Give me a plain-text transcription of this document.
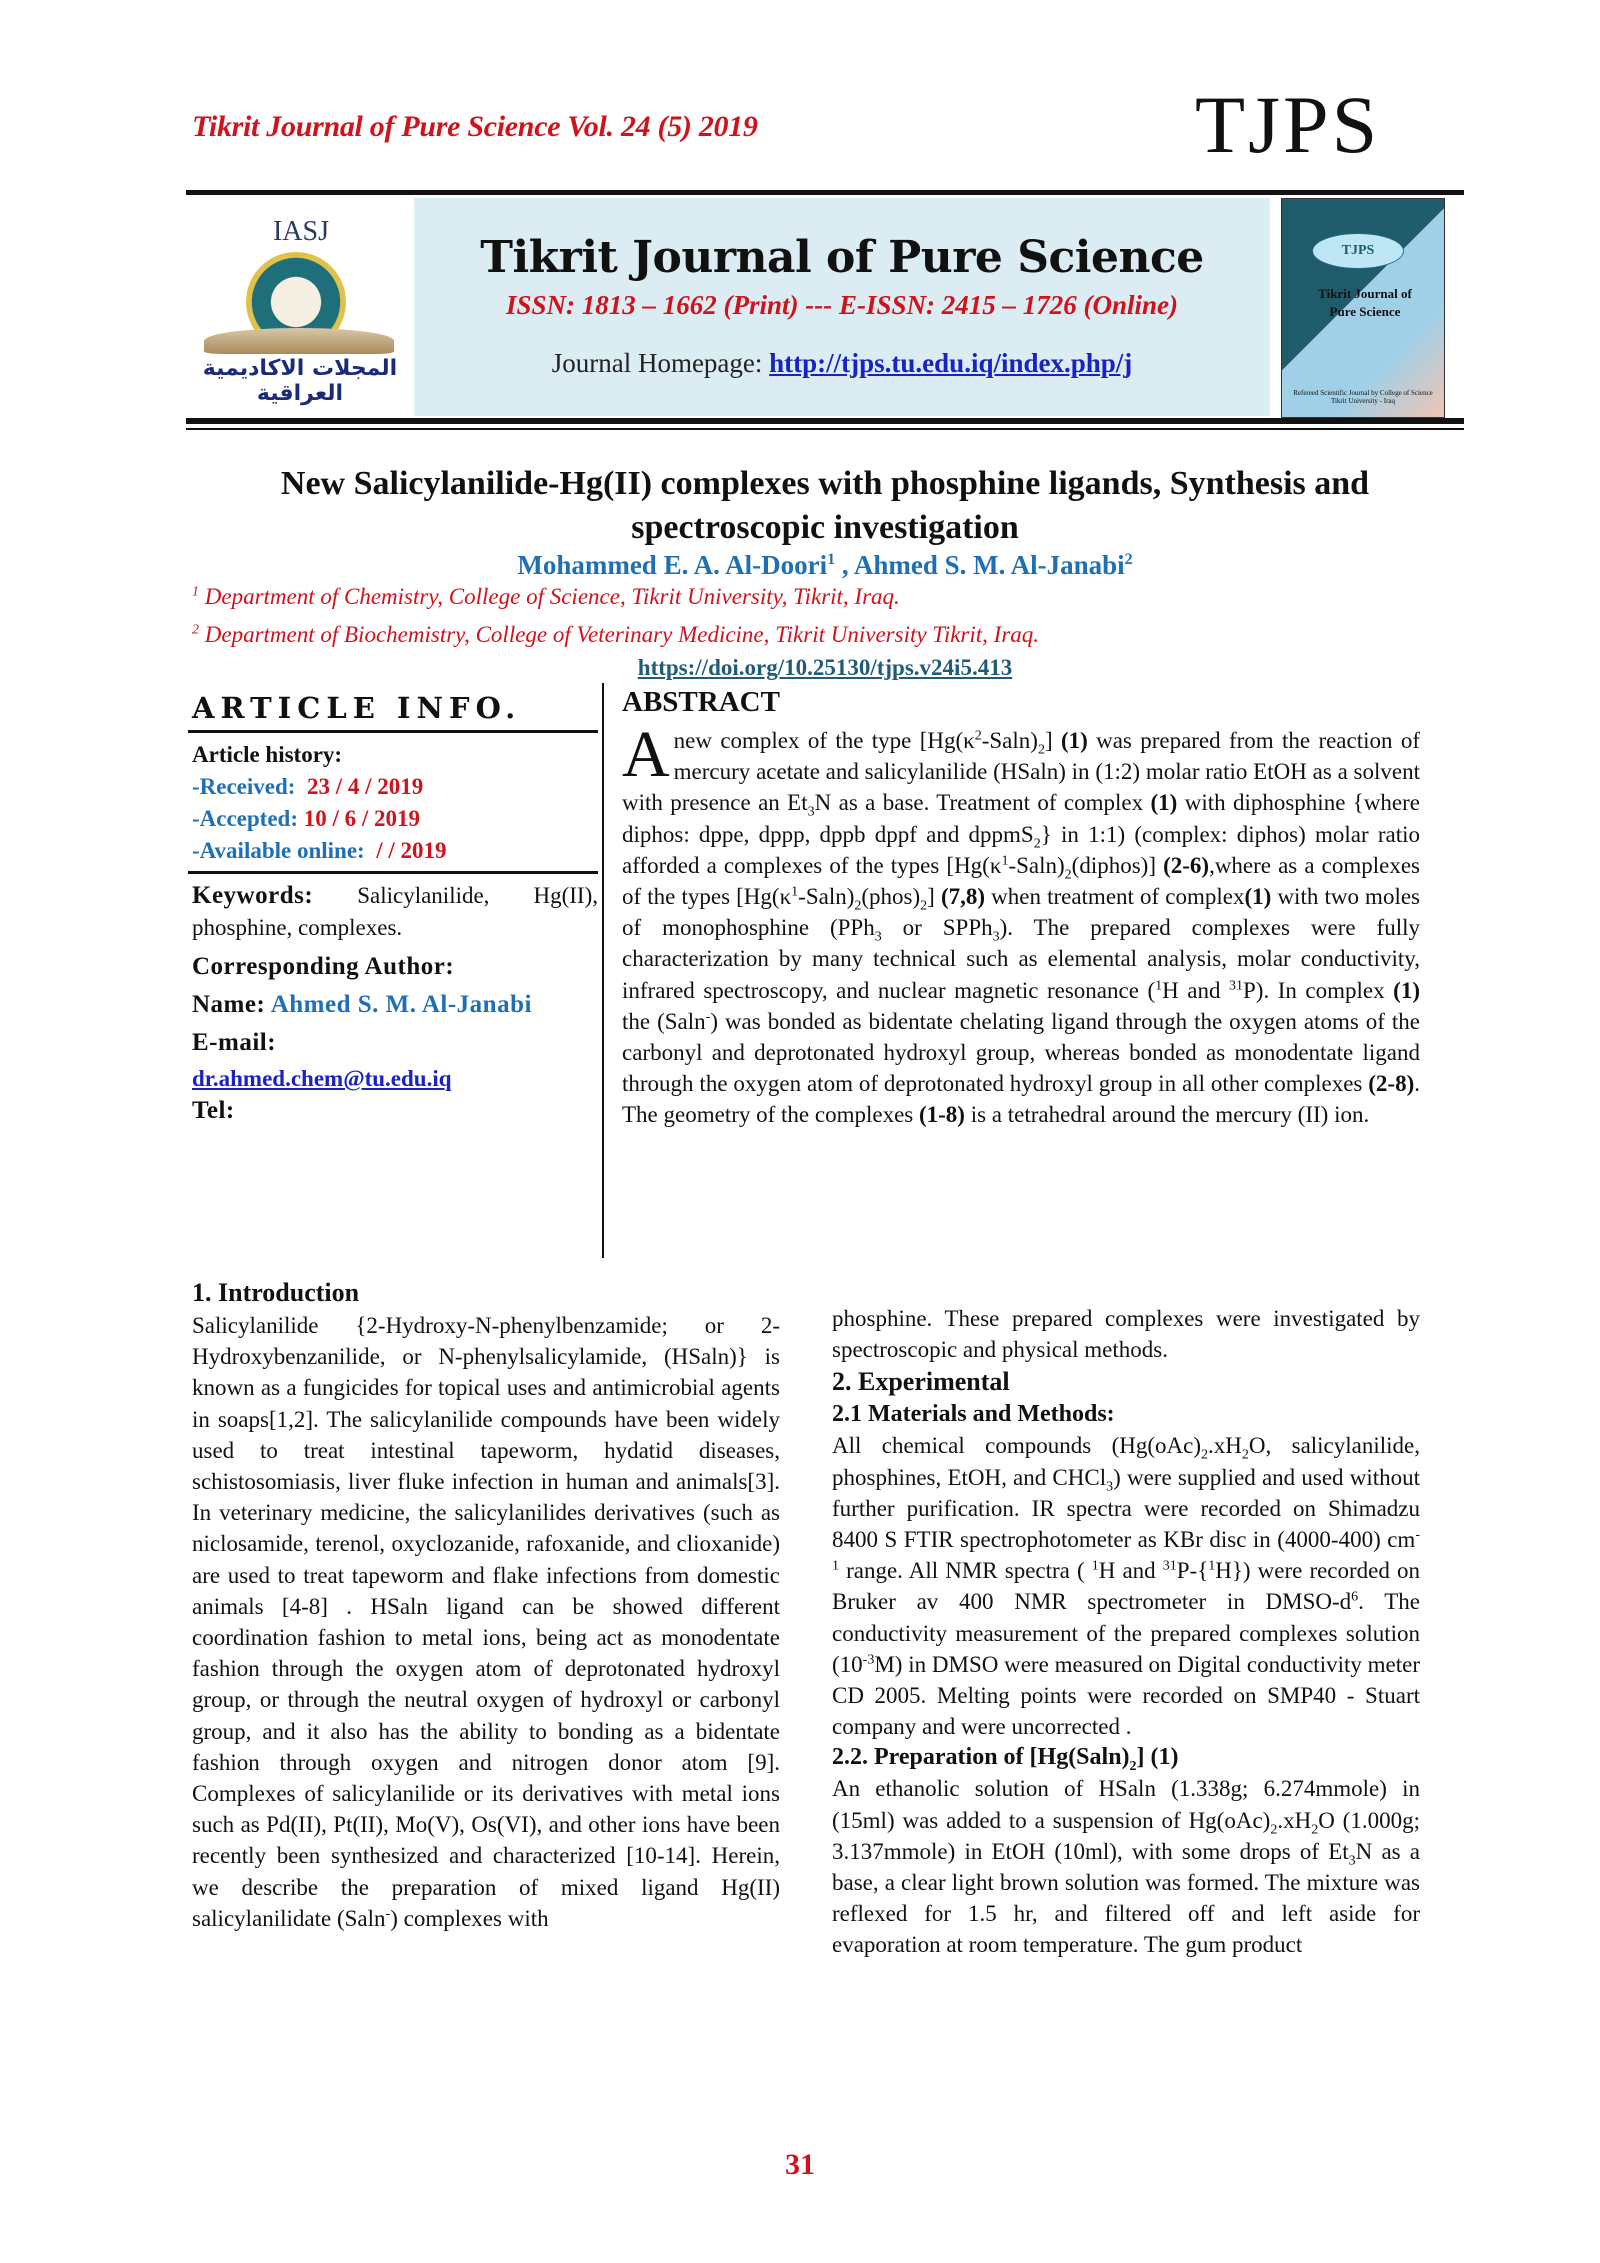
Tikrit Journal of Pure Science Vol. 24 (5) 2019	TJPS
IASJ
المجلات الاكاديمية العراقية
Tikrit Journal of Pure Science
ISSN: 1813 – 1662 (Print) --- E-ISSN: 2415 – 1726 (Online)
Journal Homepage: http://tjps.tu.edu.iq/index.php/j
TJPS
Tikrit Journal of
Pure Science
Refereed Scientific Journal by College of Science Tikrit University - Iraq
New Salicylanilide-Hg(II) complexes with phosphine ligands, Synthesis and spectroscopic investigation
Mohammed E. A. Al-Doori$^1$ , Ahmed S. M. Al-Janabi$^2$
$^1$ Department of Chemistry, College of Science, Tikrit University, Tikrit, Iraq.
$^2$ Department of Biochemistry, College of Veterinary Medicine, Tikrit University Tikrit, Iraq.
https://doi.org/10.25130/tjps.v24i5.413
ARTICLE INFO.
Article history:
-Received: 23 / 4 / 2019
-Accepted: 10 / 6 / 2019
-Available online: / / 2019
Keywords: Salicylanilide, Hg(II), phosphine, complexes.
Corresponding Author:
Name: Ahmed S. M. Al-Janabi
E-mail:
dr.ahmed.chem@tu.edu.iq
Tel:
ABSTRACT
A new complex of the type $[Hg(\kappa^2-Saln)_2]$ (1) was prepared from the reaction of mercury acetate and salicylanilide (HSaln) in (1:2) molar ratio EtOH as a solvent with presence an $Et_3N$ as a base. Treatment of complex (1) with diphosphine {where diphos: dppe, dppp, dppb dppf and dppmS$_2$} in 1:1) (complex: diphos) molar ratio afforded a complexes of the types $[Hg(\kappa^1-Saln)_2(diphos)]$ (2-6),where as a complexes of the types $[Hg(\kappa^1-Saln)_2(phos)_2]$ (7,8) when treatment of complex(1) with two moles of monophosphine (PPh$_3$ or SPPh$_3$). The prepared complexes were fully characterization by many technical such as elemental analysis, molar conductivity, infrared spectroscopy, and nuclear magnetic resonance ($^1$H and $^{31}$P). In complex (1) the (Saln-) was bonded as bidentate chelating ligand through the oxygen atoms of the carbonyl and deprotonated hydroxyl group, whereas bonded as monodentate ligand through the oxygen atom of deprotonated hydroxyl group in all other complexes (2-8). The geometry of the complexes (1-8) is a tetrahedral around the mercury (II) ion.
1. Introduction

Salicylanilide {2-Hydroxy-N-phenylbenzamide; or 2-Hydroxybenzanilide, or N-phenylsalicylamide, (HSaln)} is known as a fungicides for topical uses and antimicrobial agents in soaps[1,2]. The salicylanilide compounds have been widely used to treat intestinal tapeworm, hydatid diseases, schistosomiasis, liver fluke infection in human and animals[3]. In veterinary medicine, the salicylanilides derivatives (such as niclosamide, terenol, oxyclozanide, rafoxanide, and clioxanide) are used to treat tapeworm and flake infections from domestic animals [4-8] . HSaln ligand can be showed different coordination fashion to metal ions, being act as monodentate fashion through the oxygen atom of deprotonated hydroxyl group, or through the neutral oxygen of hydroxyl or carbonyl group, and it also has the ability to bonding as a bidentate fashion through oxygen and nitrogen donor atom [9]. Complexes of salicylanilide or its derivatives with metal ions such as Pd(II), Pt(II), Mo(V), Os(VI), and other ions have been recently been synthesized and characterized [10-14]. Herein, we describe the preparation of mixed ligand Hg(II) salicylanilidate (Saln-) complexes with

phosphine. These prepared complexes were investigated by spectroscopic and physical methods.

2. Experimental
2.1 Materials and Methods:

All chemical compounds ($Hg(oAc)_2.xH_2O$, salicylanilide, phosphines, EtOH, and CHCl$_3$) were supplied and used without further purification. IR spectra were recorded on Shimadzu 8400 S FTIR spectrophotometer as KBr disc in (4000-400) $cm^{-1}$ range. All NMR spectra ( $^1$H and $^{31}$P-{$^1$H}) were recorded on Bruker av 400 NMR spectrometer in DMSO-$d^6$. The conductivity measurement of the prepared complexes solution $(10^{-3}M)$ in DMSO were measured on Digital conductivity meter CD 2005. Melting points were recorded on SMP40 - Stuart company and were uncorrected .

2.2. Preparation of $[Hg(Saln)_2]$ (1)

An ethanolic solution of HSaln (1.338g; 6.274mmole) in (15ml) was added to a suspension of $Hg(oAc)_2.xH_2O$ (1.000g; 3.137mmole) in EtOH (10ml), with some drops of $Et_3N$ as a base, a clear light brown solution was formed. The mixture was reflexed for 1.5 hr, and filtered off and left aside for evaporation at room temperature. The gum product

31
